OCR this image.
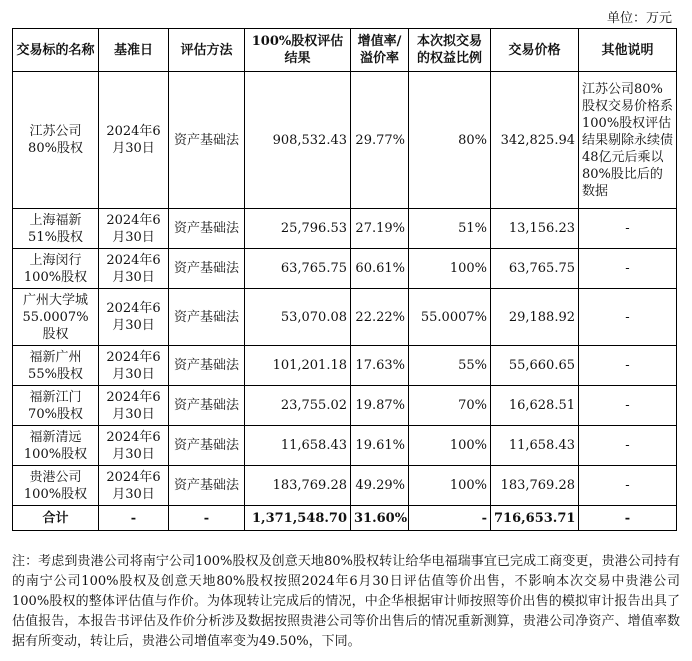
单位：万元
交易标的名称	基准日	评估方法	100%股权评估结果	增值率/溢价率	本次拟交易的权益比例	交易价格	其他说明
江苏公司80%股权	2024年6月30日	资产基础法	908,532.43	29.77%	80%	342,825.94	江苏公司80%股权交易价格系100%股权评估结果剔除永续债48亿元后乘以80%股比后的数据
上海福新51%股权	2024年6月30日	资产基础法	25,796.53	27.19%	51%	13,156.23	-
上海闵行100%股权	2024年6月30日	资产基础法	63,765.75	60.61%	100%	63,765.75	-
广州大学城55.0007%股权	2024年6月30日	资产基础法	53,070.08	22.22%	55.0007%	29,188.92	-
福新广州55%股权	2024年6月30日	资产基础法	101,201.18	17.63%	55%	55,660.65	-
福新江门70%股权	2024年6月30日	资产基础法	23,755.02	19.87%	70%	16,628.51	-
福新清远100%股权	2024年6月30日	资产基础法	11,658.43	19.61%	100%	11,658.43	-
贵港公司100%股权	2024年6月30日	资产基础法	183,769.28	49.29%	100%	183,769.28	-
合计	-	-	1,371,548.70	31.60%	-	716,653.71	-

注：考虑到贵港公司将南宁公司100%股权及创意天地80%股权转让给华电福瑞事宜已完成工商变更，贵港公司持有的南宁公司100%股权及创意天地80%股权按照2024年6月30日评估值等价出售，不影响本次交易中贵港公司100%股权的整体评估值与作价。为体现转让完成后的情况，中企华根据审计师按照等价出售的模拟审计报告出具了估值报告，本报告书评估及作价分析涉及数据按照贵港公司等价出售后的情况重新测算，贵港公司净资产、增值率数据有所变动，转让后，贵港公司增值率变为49.50%，下同。
